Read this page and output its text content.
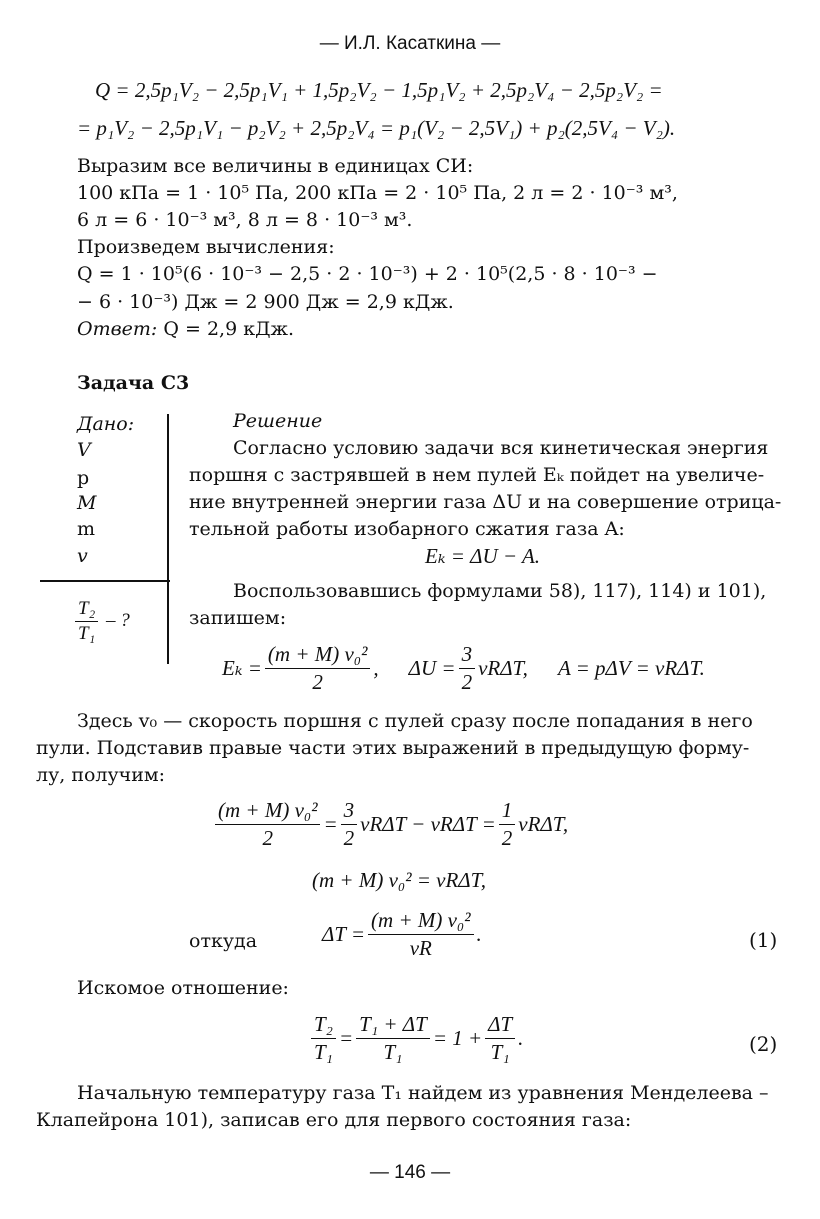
— И.Л. Касаткина —
Q = 2,5p₁V₂ − 2,5p₁V₁ + 1,5p₂V₂ − 1,5p₁V₂ + 2,5p₂V₄ − 2,5p₂V₂ =
= p₁V₂ − 2,5p₁V₁ − p₂V₂ + 2,5p₂V₄ = p₁(V₂ − 2,5V₁) + p₂(2,5V₄ − V₂).
Выразим все величины в единицах СИ:
100 кПа = 1 · 10⁵ Па, 200 кПа = 2 · 10⁵ Па, 2 л = 2 · 10⁻³ м³,
6 л = 6 · 10⁻³ м³, 8 л = 8 · 10⁻³ м³.
Произведем вычисления:
Q = 1 · 10⁵(6 · 10⁻³ − 2,5 · 2 · 10⁻³) + 2 · 10⁵(2,5 · 8 · 10⁻³ −
− 6 · 10⁻³) Дж = 2 900 Дж = 2,9 кДж.
Ответ: Q = 2,9 кДж.
Задача С3
Дано:
V
p
M
m
v
$\frac{\text{T₂}}{\text{T₁}}$ – ?
Решение
Согласно условию задачи вся кинетическая энергия
поршня с застрявшей в нем пулей Eₖ пойдет на увеличе-
ние внутренней энергии газа ΔU и на совершение отрица-
тельной работы изобарного сжатия газа A:
Eₖ = ΔU − A.
Воспользовавшись формулами 58), 117), 114) и 101),
запишем:
$E_k = \frac{\text{(m + M) v₀²}}{2}$ , $\Delta U = \frac{3}{2} \nu R\Delta T$, A = pΔV = νRΔT.
Здесь v₀ — скорость поршня с пулей сразу после попадания в него
пули. Подставив правые части этих выражений в предыдущую форму-
лу, получим:
$\frac{\text{(m + M) v₀²}}{2} = \frac{3}{2}$ $\nu R\Delta T - \nu R\Delta T = \frac{1}{2} \nu R\Delta T$,
(m + M) v₀² = νRΔT,
откуда	$\Delta T = \frac{\text{(m + M) v₀²}}{\nu R}$ .	(1)
Искомое отношение:
$\frac{\text{T₂}}{\text{T₁}} = \frac{\text{T₁ + ΔT}}{\text{T₁}} = 1 + \frac{\Delta T}{\text{T₁}}$ .	(2)
Начальную температуру газа T₁ найдем из уравнения Менделеева –
Клапейрона 101), записав его для первого состояния газа:
— 146 —
